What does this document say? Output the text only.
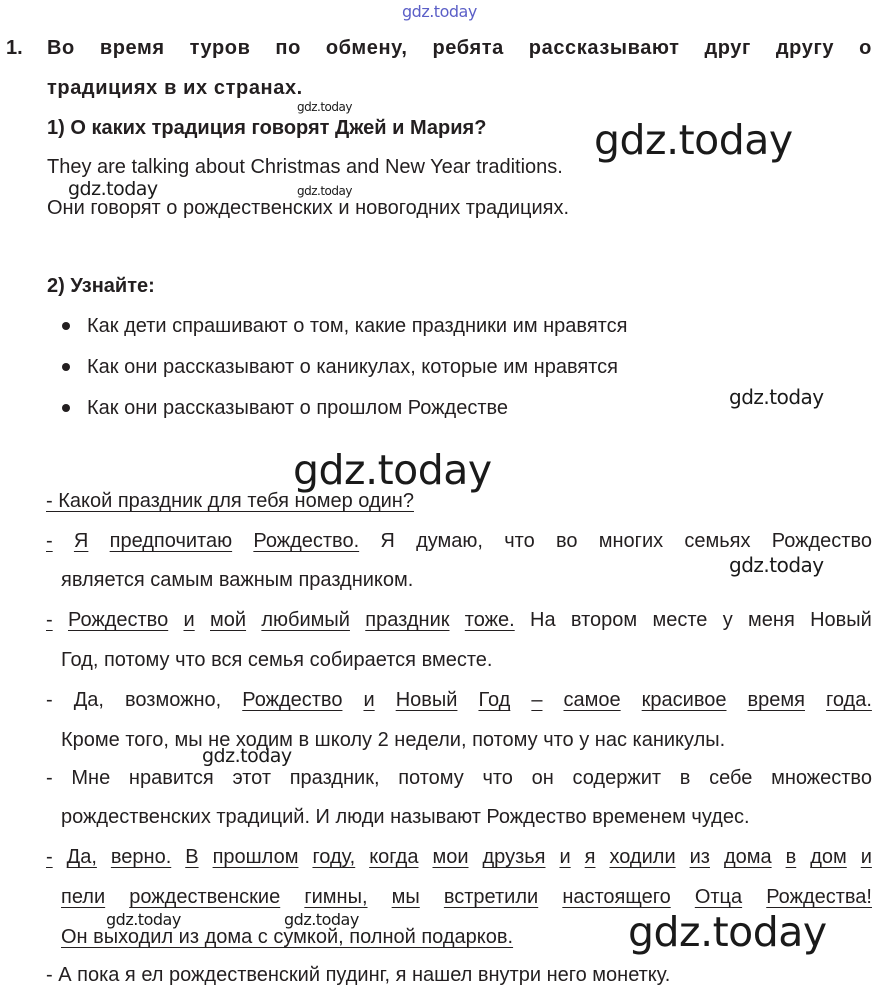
gdz.today
gdz.today
gdz.today
gdz.today	gdz.today
gdz.today
gdz.today
gdz.today
gdz.today
gdz.today	gdz.today	gdz.today
1. Во время туров по обмену, ребята рассказывают друг другу о
традициях в их странах.
1) О каких традиция говорят Джей и Мария?
They are talking about Christmas and New Year traditions.
Они говорят о рождественских и новогодних традициях.
2) Узнайте:
Как дети спрашивают о том, какие праздники им нравятся
Как они рассказывают о каникулах, которые им нравятся
Как они рассказывают о прошлом Рождестве
- Какой праздник для тебя номер один?
- Я предпочитаю Рождество. Я думаю, что во многих семьях Рождество
является самым важным праздником.
- Рождество и мой любимый праздник тоже. На втором месте у меня Новый
Год, потому что вся семья собирается вместе.
- Да, возможно, Рождество и Новый Год – самое красивое время года.
Кроме того, мы не ходим в школу 2 недели, потому что у нас каникулы.
- Мне нравится этот праздник, потому что он содержит в себе множество
рождественских традиций. И люди называют Рождество временем чудес.
- Да, верно. В прошлом году, когда мои друзья и я ходили из дома в дом и
пели рождественские гимны, мы встретили настоящего Отца Рождества!
Он выходил из дома с сумкой, полной подарков.
- А пока я ел рождественский пудинг, я нашел внутри него монетку.
